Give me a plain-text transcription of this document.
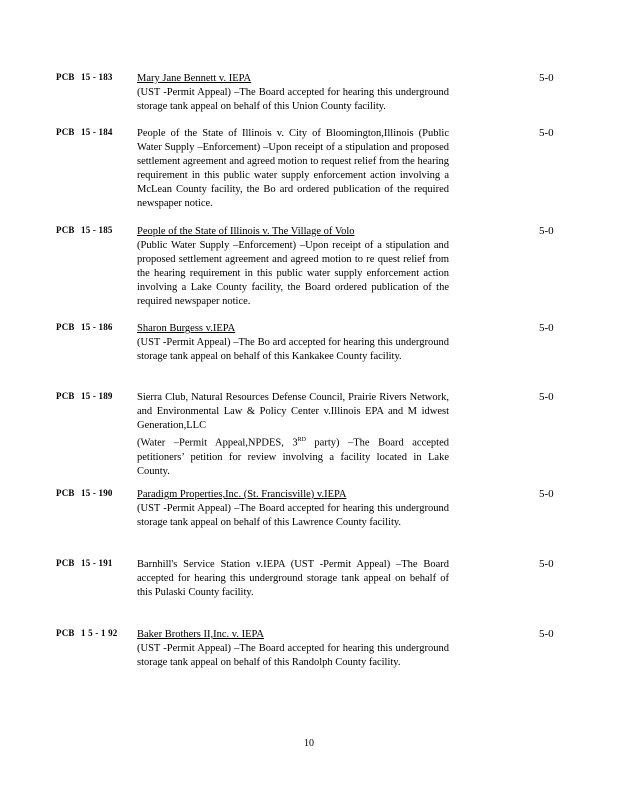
PCB 15 - 183 Mary Jane Bennett v. IEPA
(UST -Permit Appeal) –The Board accepted for hearing this underground storage tank appeal on behalf of this Union County facility.
5-0
PCB 15 - 184 People of the State of Illinois v. City of Bloomington,Illinois (Public Water Supply –Enforcement) –Upon receipt of a stipulation and proposed settlement agreement and agreed motion to request relief from the hearing requirement in this public water supply enforcement action involving a McLean County facility, the Bo ard ordered publication of the required newspaper notice.
5-0
PCB 15 - 185 People of the State of Illinois v. The Village of Volo
(Public Water Supply –Enforcement) –Upon receipt of a stipulation and proposed settlement agreement and agreed motion to re quest relief from the hearing requirement in this public water supply enforcement action involving a Lake County facility, the Board ordered publication of the required newspaper notice.
5-0
PCB 15 - 186 Sharon Burgess v.IEPA
(UST -Permit Appeal) –The Bo ard accepted for hearing this underground storage tank appeal on behalf of this Kankakee County facility.
5-0
PCB 15 - 189 Sierra Club, Natural Resources Defense Council, Prairie Rivers Network, and Environmental Law & Policy Center v.Illinois EPA and M idwest Generation,LLC
(Water –Permit Appeal,NPDES, 3RD party) –The Board accepted petitioners’ petition for review involving a facility located in Lake County.
5-0
PCB 15 - 190 Paradigm Properties,Inc. (St. Francisville) v.IEPA
(UST -Permit Appeal) –The Board accepted for hearing this underground storage tank appeal on behalf of this Lawrence County facility.
5-0
PCB 15 - 191 Barnhill's Service Station v.IEPA (UST -Permit Appeal) –The Board accepted for hearing this underground storage tank appeal on behalf of this Pulaski County facility.
5-0
PCB 1 5 - 1 92 Baker Brothers II,Inc. v. IEPA
(UST -Permit Appeal) –The Board accepted for hearing this underground storage tank appeal on behalf of this Randolph County facility.
5-0
10
